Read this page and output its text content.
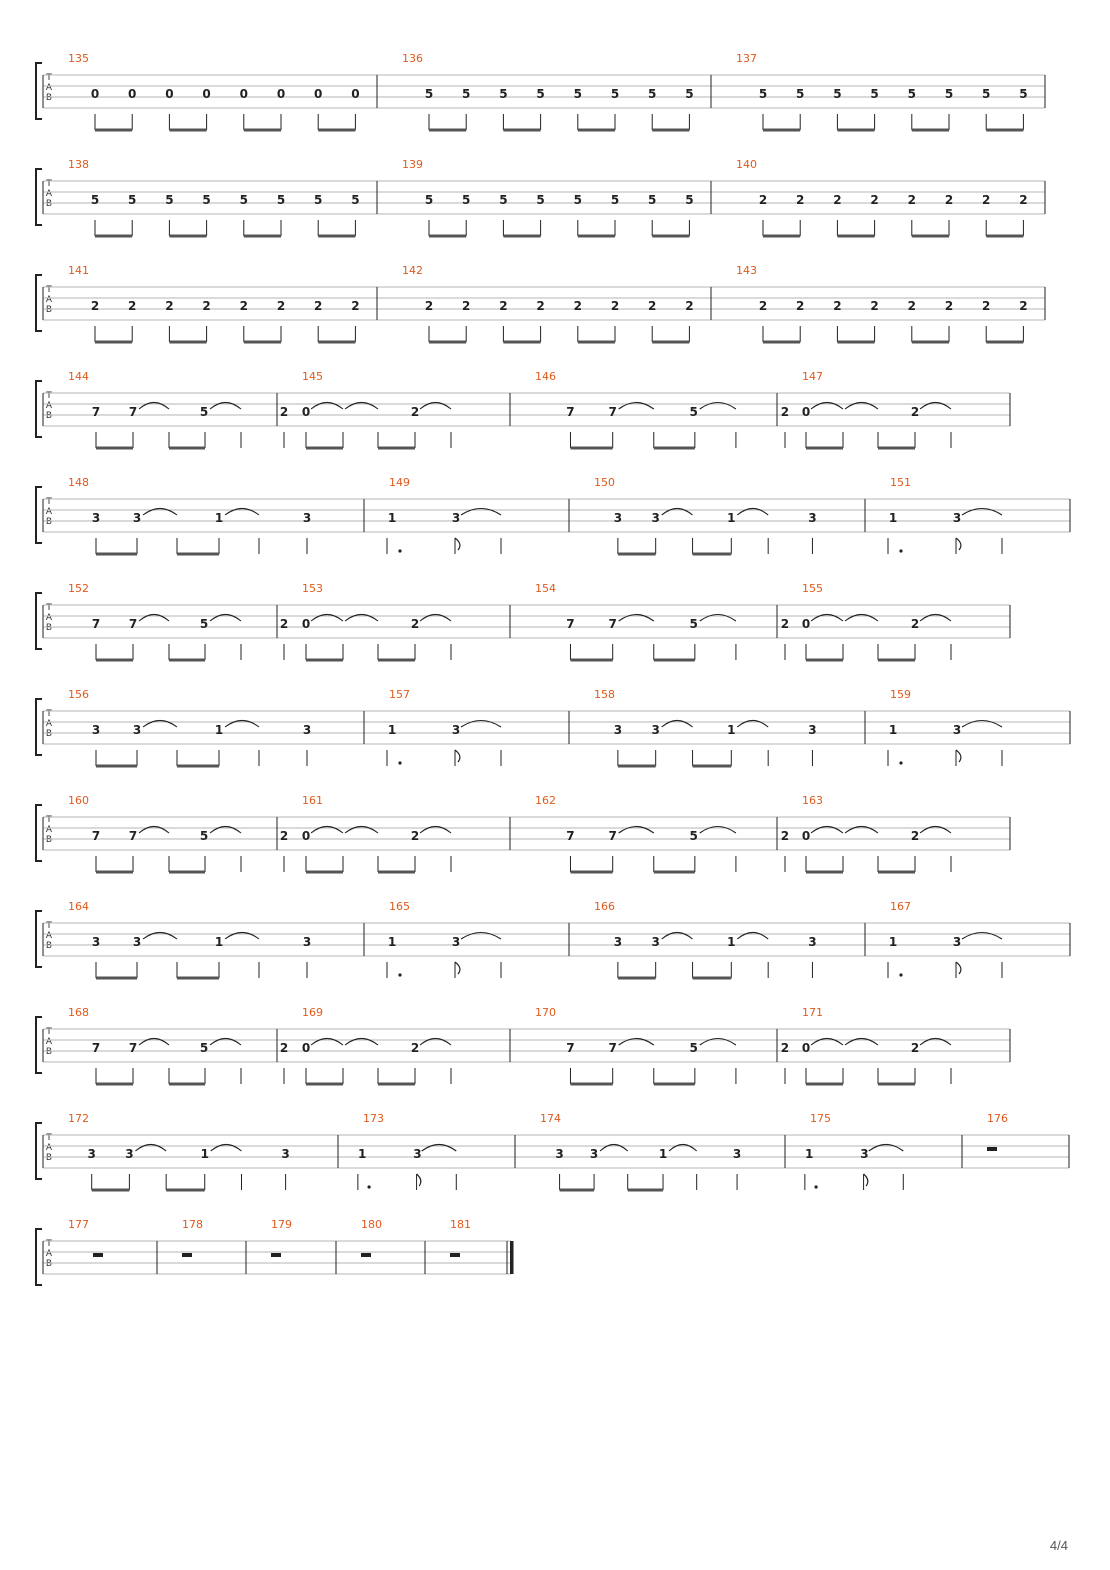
T
A
B
135
0 0 0 0 0 0 0 0
136
5 5 5 5 5 5 5 5
137
5 5 5 5 5 5 5 5
T
A
B
138
5 5 5 5 5 5 5 5
139
5 5 5 5 5 5 5 5
140
2 2 2 2 2 2 2 2
T
A
B
141
2 2 2 2 2 2 2 2
142
2 2 2 2 2 2 2 2
143
2 2 2 2 2 2 2 2
T
A
B
144
7 7	5	2
145
0	2
146
7	7	5	2
147
0	2
T
A
B
148
3	3	1	3
149
1	3
150
3 3	1	3
151
1	3
T
A
B
152
7 7	5	2
153
0	2
154
7	7	5	2
155
0	2
T
A
B
156
3	3	1	3
157
1	3
158
3 3	1	3
159
1	3
T
A
B
160
7 7	5	2
161
0	2
162
7	7	5	2
163
0	2
T
A
B
164
3	3	1	3
165
1	3
166
3 3	1	3
167
1	3
T
A
B
168
7 7	5	2
169
0	2
170
7	7	5	2
171
0	2
T
A
B
172
3 3	1	3
173
1	3
174
3 3	1	3
175
1	3
176
T
A
B
177	178	179	180	181
4/4
